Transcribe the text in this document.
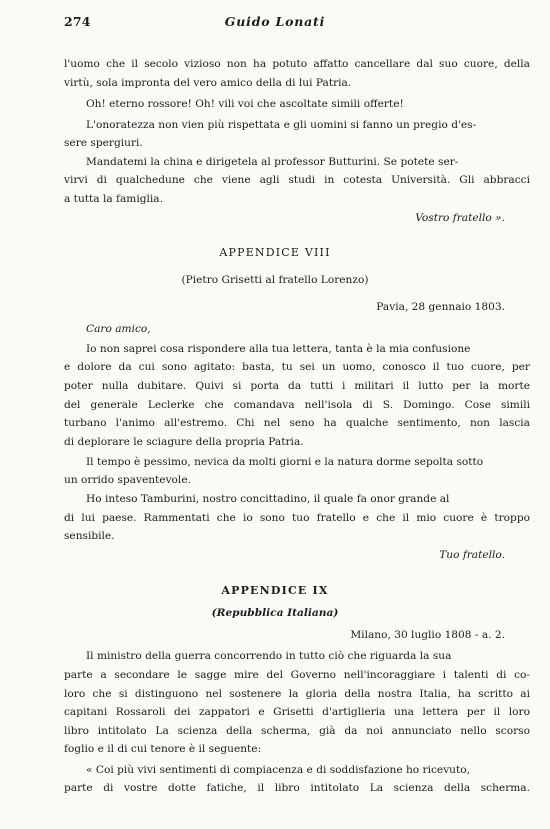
274	Guido Lonati
l'uomo che il secolo vizioso non ha potuto affatto cancellare dal suo cuore, della
virtù, sola impronta del vero amico della di lui Patria.
Oh! eterno rossore! Oh! vili voi che ascoltate simili offerte!
L'onoratezza non vien più rispettata e gli uomini si fanno un pregio d'es-
sere spergiuri.
Mandatemi la china e dirigetela al professor Butturini. Se potete ser-
virvi di qualchedune che viene agli studi in cotesta Università. Gli abbracci
a tutta la famiglia.
Vostro fratello ».
APPENDICE VIII
(Pietro Grisetti al fratello Lorenzo)
Pavia, 28 gennaio 1803.
Caro amico,
Io non saprei cosa rispondere alla tua lettera, tanta è la mia confusione
e dolore da cui sono agitato: basta, tu sei un uomo, conosco il tuo cuore, per
poter nulla dubitare. Quivi si porta da tutti i militari il lutto per la morte
del generale Leclerke che comandava nell'isola di S. Domingo. Cose simili
turbano l'animo all'estremo. Chi nel seno ha qualche sentimento, non lascia
di deplorare le sciagure della propria Patria.
Il tempo è pessimo, nevica da molti giorni e la natura dorme sepolta sotto
un orrido spaventevole.
Ho inteso Tamburini, nostro concittadino, il quale fa onor grande al
di lui paese. Rammentati che io sono tuo fratello e che il mio cuore è troppo
sensibile.
Tuo fratello.
APPENDICE IX
(Repubblica Italiana)
Milano, 30 luglio 1808 - a. 2.
Il ministro della guerra concorrendo in tutto ciò che riguarda la sua
parte a secondare le sagge mire del Governo nell'incoraggiare i talenti di co-
loro che si distinguono nel sostenere la gloria della nostra Italia, ha scritto ai
capitani Rossaroli dei zappatori e Grisetti d'artiglieria una lettera per il loro
libro intitolato La scienza della scherma, già da noi annunciato nello scorso
foglio e il di cui tenore è il seguente:
« Coi più vivi sentimenti di compiacenza e di soddisfazione ho ricevuto,
parte di vostre dotte fatiche, il libro intitolato La scienza della scherma.
